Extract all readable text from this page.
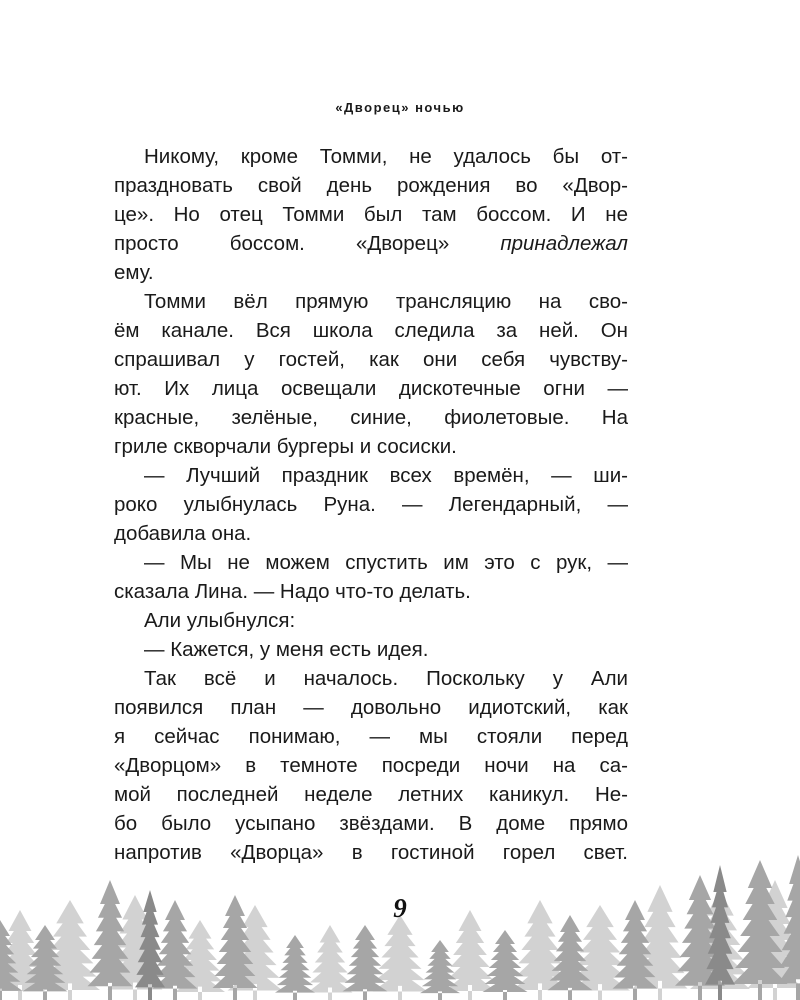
«Дворец» ночью
Никому, кроме Томми, не удалось бы от-
праздновать свой день рождения во «Двор-
це». Но отец Томми был там боссом. И не
просто боссом. «Дворец» принадлежал
ему.
Томми вёл прямую трансляцию на сво-
ём канале. Вся школа следила за ней. Он
спрашивал у гостей, как они себя чувству-
ют. Их лица освещали дискотечные огни —
красные, зелёные, синие, фиолетовые. На
гриле скворчали бургеры и сосиски.
— Лучший праздник всех времён, — ши-
роко улыбнулась Руна. — Легендарный, —
добавила она.
— Мы не можем спустить им это с рук, —
сказала Лина. — Надо что-то делать.
Али улыбнулся:
— Кажется, у меня есть идея.
Так всё и началось. Поскольку у Али
появился план — довольно идиотский, как
я сейчас понимаю, — мы стояли перед
«Дворцом» в темноте посреди ночи на са-
мой последней неделе летних каникул. Не-
бо было усыпано звёздами. В доме прямо
напротив «Дворца» в гостиной горел свет.
9
